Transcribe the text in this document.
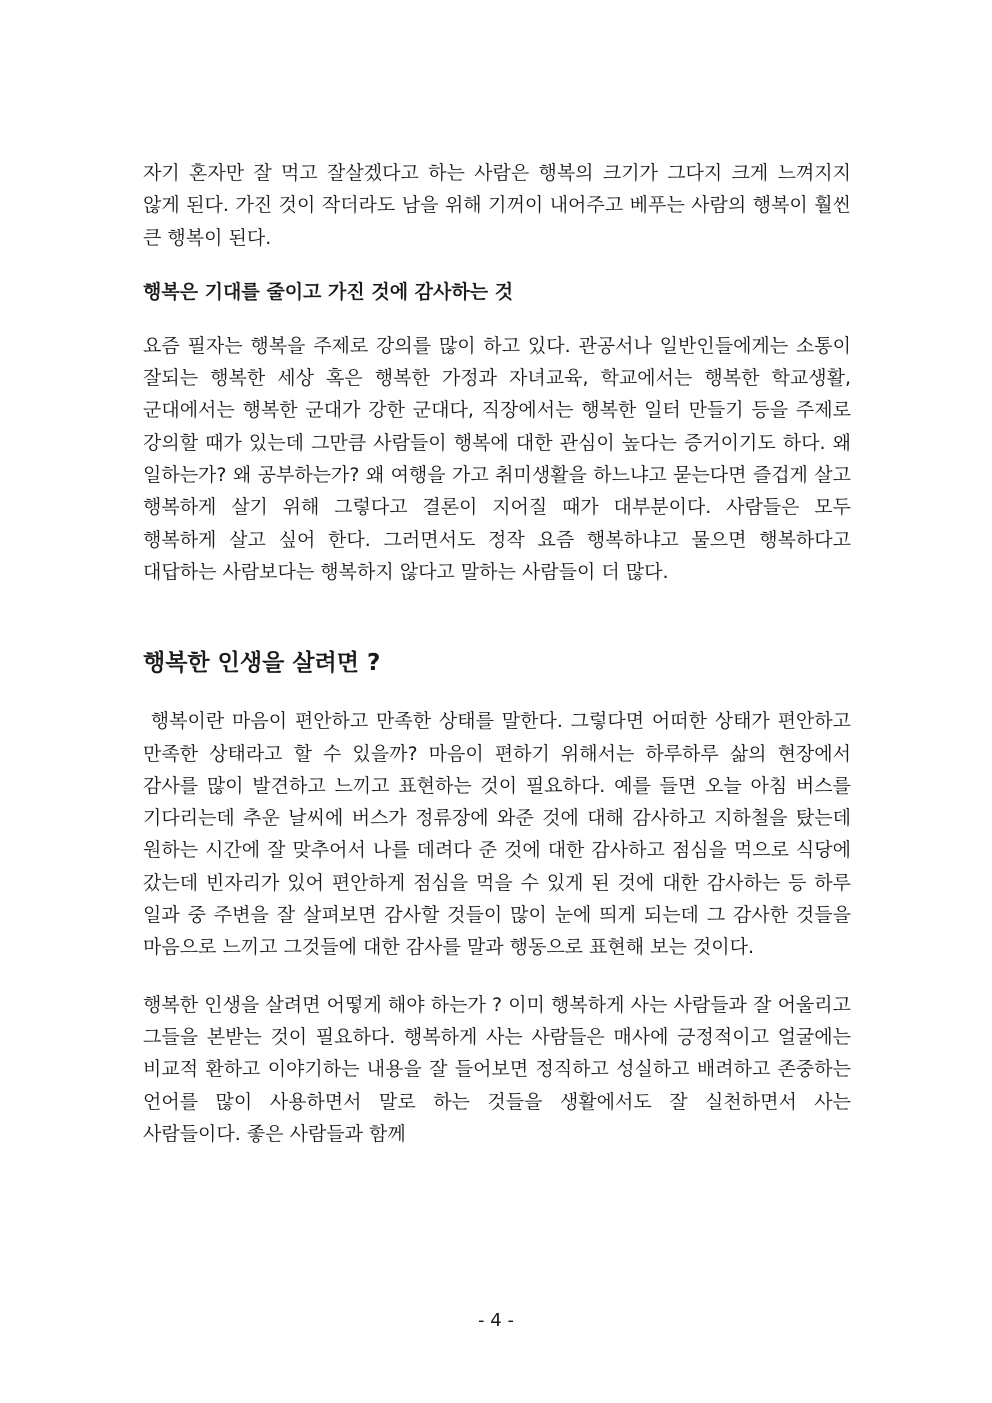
자기 혼자만 잘 먹고 잘살겠다고 하는 사람은 행복의 크기가 그다지 크게 느껴지지 않게 된다. 가진 것이 작더라도 남을 위해 기꺼이 내어주고 베푸는 사람의 행복이 훨씬 큰 행복이 된다.

행복은 기대를 줄이고 가진 것에 감사하는 것

요즘 필자는 행복을 주제로 강의를 많이 하고 있다. 관공서나 일반인들에게는 소통이 잘되는 행복한 세상 혹은 행복한 가정과 자녀교육, 학교에서는 행복한 학교생활, 군대에서는 행복한 군대가 강한 군대다, 직장에서는 행복한 일터 만들기 등을 주제로 강의할 때가 있는데 그만큼 사람들이 행복에 대한 관심이 높다는 증거이기도 하다. 왜 일하는가? 왜 공부하는가? 왜 여행을 가고 취미생활을 하느냐고 묻는다면 즐겁게 살고 행복하게 살기 위해 그렇다고 결론이 지어질 때가 대부분이다. 사람들은 모두 행복하게 살고 싶어 한다. 그러면서도 정작 요즘 행복하냐고 물으면 행복하다고 대답하는 사람보다는 행복하지 않다고 말하는 사람들이 더 많다.

행복한 인생을 살려면 ?

행복이란 마음이 편안하고 만족한 상태를 말한다. 그렇다면 어떠한 상태가 편안하고 만족한 상태라고 할 수 있을까? 마음이 편하기 위해서는 하루하루 삶의 현장에서 감사를 많이 발견하고 느끼고 표현하는 것이 필요하다. 예를 들면 오늘 아침 버스를 기다리는데 추운 날씨에 버스가 정류장에 와준 것에 대해 감사하고 지하철을 탔는데 원하는 시간에 잘 맞추어서 나를 데려다 준 것에 대한 감사하고 점심을 먹으로 식당에 갔는데 빈자리가 있어 편안하게 점심을 먹을 수 있게 된 것에 대한 감사하는 등 하루 일과 중 주변을 잘 살펴보면 감사할 것들이 많이 눈에 띄게 되는데 그 감사한 것들을 마음으로 느끼고 그것들에 대한 감사를 말과 행동으로 표현해 보는 것이다.

행복한 인생을 살려면 어떻게 해야 하는가 ? 이미 행복하게 사는 사람들과 잘 어울리고 그들을 본받는 것이 필요하다. 행복하게 사는 사람들은 매사에 긍정적이고 얼굴에는 비교적 환하고 이야기하는 내용을 잘 들어보면 정직하고 성실하고 배려하고 존중하는 언어를 많이 사용하면서 말로 하는 것들을 생활에서도 잘 실천하면서 사는 사람들이다. 좋은 사람들과 함께

- 4 -
